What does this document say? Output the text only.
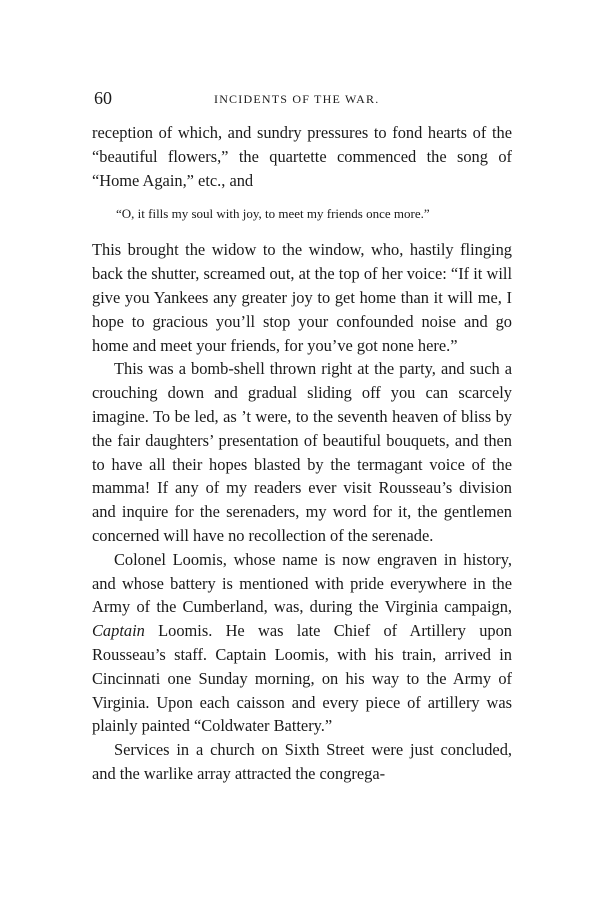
60	INCIDENTS OF THE WAR.

reception of which, and sundry pressures to fond hearts of the “beautiful flowers,” the quartette commenced the song of “Home Again,” etc., and

“O, it fills my soul with joy, to meet my friends once more.”

This brought the widow to the window, who, hastily flinging back the shutter, screamed out, at the top of her voice: “If it will give you Yankees any greater joy to get home than it will me, I hope to gracious you’ll stop your confounded noise and go home and meet your friends, for you’ve got none here.”

This was a bomb-shell thrown right at the party, and such a crouching down and gradual sliding off you can scarcely imagine. To be led, as ’t were, to the seventh heaven of bliss by the fair daughters’ presentation of beautiful bouquets, and then to have all their hopes blasted by the termagant voice of the mamma! If any of my readers ever visit Rousseau’s division and inquire for the serenaders, my word for it, the gentlemen concerned will have no recollection of the serenade.

Colonel Loomis, whose name is now engraven in history, and whose battery is mentioned with pride everywhere in the Army of the Cumberland, was, during the Virginia campaign, Captain Loomis. He was late Chief of Artillery upon Rousseau’s staff. Captain Loomis, with his train, arrived in Cincinnati one Sunday morning, on his way to the Army of Virginia. Upon each caisson and every piece of artillery was plainly painted “Coldwater Battery.”

Services in a church on Sixth Street were just concluded, and the warlike array attracted the congrega-
